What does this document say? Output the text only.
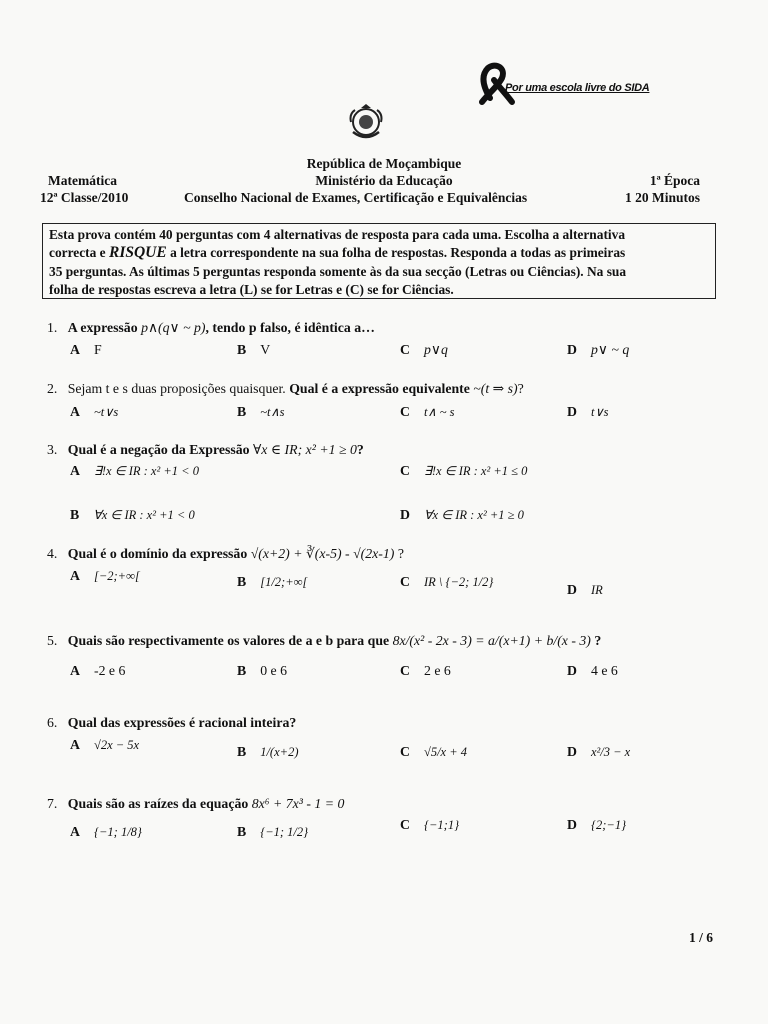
Por uma escola livre do SIDA
República de Moçambique
Matemática	Ministério da Educação	1ª Época
12ª Classe/2010	Conselho Nacional de Exames, Certificação e Equivalências	1 20 Minutos
Esta prova contém 40 perguntas com 4 alternativas de resposta para cada uma. Escolha a alternativa
correcta e RISQUE a letra correspondente na sua folha de respostas. Responda a todas as primeiras
35 perguntas. As últimas 5 perguntas responda somente às da sua secção (Letras ou Ciências). Na sua
folha de respostas escreva a letra (L) se for Letras e (C) se for Ciências.
1. A expressão p∧(q∨ ~ p), tendo p falso, é idêntica a…
A F	B V	C p∨q	D p∨ ~ q
2. Sejam t e s duas proposições quaisquer. Qual é a expressão equivalente ~(t ⇒ s)?
A ~t∨s	B ~t∧s	C t∧ ~ s	D t∨s
3. Qual é a negação da Expressão ∀x ∈ IR; x² +1 ≥ 0?
A ∃!x ∈ IR : x² +1 < 0	C ∃!x ∈ IR : x² +1 ≤ 0
B ∀x ∈ IR : x² +1 < 0	D ∀x ∈ IR : x² +1 ≥ 0
4. Qual é o domínio da expressão √(x+2) + ∛(x-5) - √(2x-1) ?
A [−2;+∞[	B [1/2;+∞[	C IR \ {−2; 1/2}	D IR
5. Quais são respectivamente os valores de a e b para que 8x/(x² - 2x - 3) = a/(x+1) + b/(x - 3) ?
A -2 e 6	B 0 e 6	C 2 e 6	D 4 e 6
6. Qual das expressões é racional inteira?
A √2x − 5x	B 1/(x+2)	C √5/x + 4	D x²/3 − x
7. Quais são as raízes da equação 8x⁶ + 7x³ - 1 = 0
A {−1; 1/8}	B {−1; 1/2}	C {−1;1}	D {2;−1}
1 / 6
